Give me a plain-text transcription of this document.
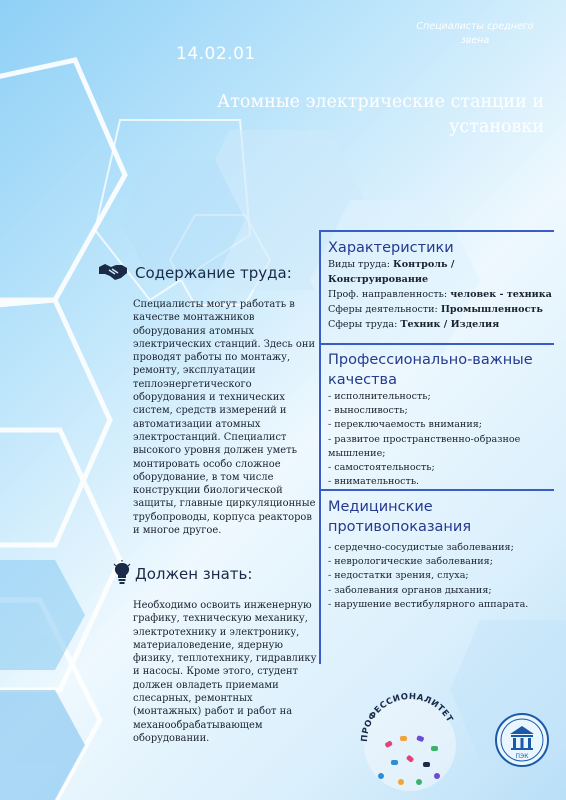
Специалисты среднего звена
14.02.01
Атомные электрические станции и установки
Содержание труда:
Специалисты могут работать в качестве монтажников оборудования атомных электрических станций. Здесь они проводят работы по монтажу, ремонту, эксплуатации теплоэнергетического оборудования и технических систем, средств измерений и автоматизации атомных электростанций. Специалист высокого уровня должен уметь монтировать особо сложное оборудование, в том числе конструкции биологической защиты, главные циркуляционные трубопроводы, корпуса реакторов и многое другое.
Должен знать:
Необходимо освоить инженерную графику, техническую механику, электротехнику и электронику, материаловедение, ядерную физику, теплотехнику, гидравлику и насосы. Кроме этого, студент должен овладеть приемами слесарных, ремонтных (монтажных) работ и работ на механообрабатывающем оборудовании.
Характеристики
Виды труда: Контроль / Конструирование
Проф. направленность: человек - техника
Сферы деятельности: Промышленность
Сферы труда: Техник / Изделия
Профессионально-важные качества
- исполнительность;
- выносливость;
- переключаемость внимания;
- развитое пространственно-образное мышление;
- самостоятельность;
- внимательность.
Медицинские противопоказания
- сердечно-сосудистые заболевания;
- неврологические заболевания;
- недостатки зрения, слуха;
- заболевания органов дыхания;
- нарушение вестибулярного аппарата.
ПРОФЕССИОНАЛИТЕТ
ПЭК
